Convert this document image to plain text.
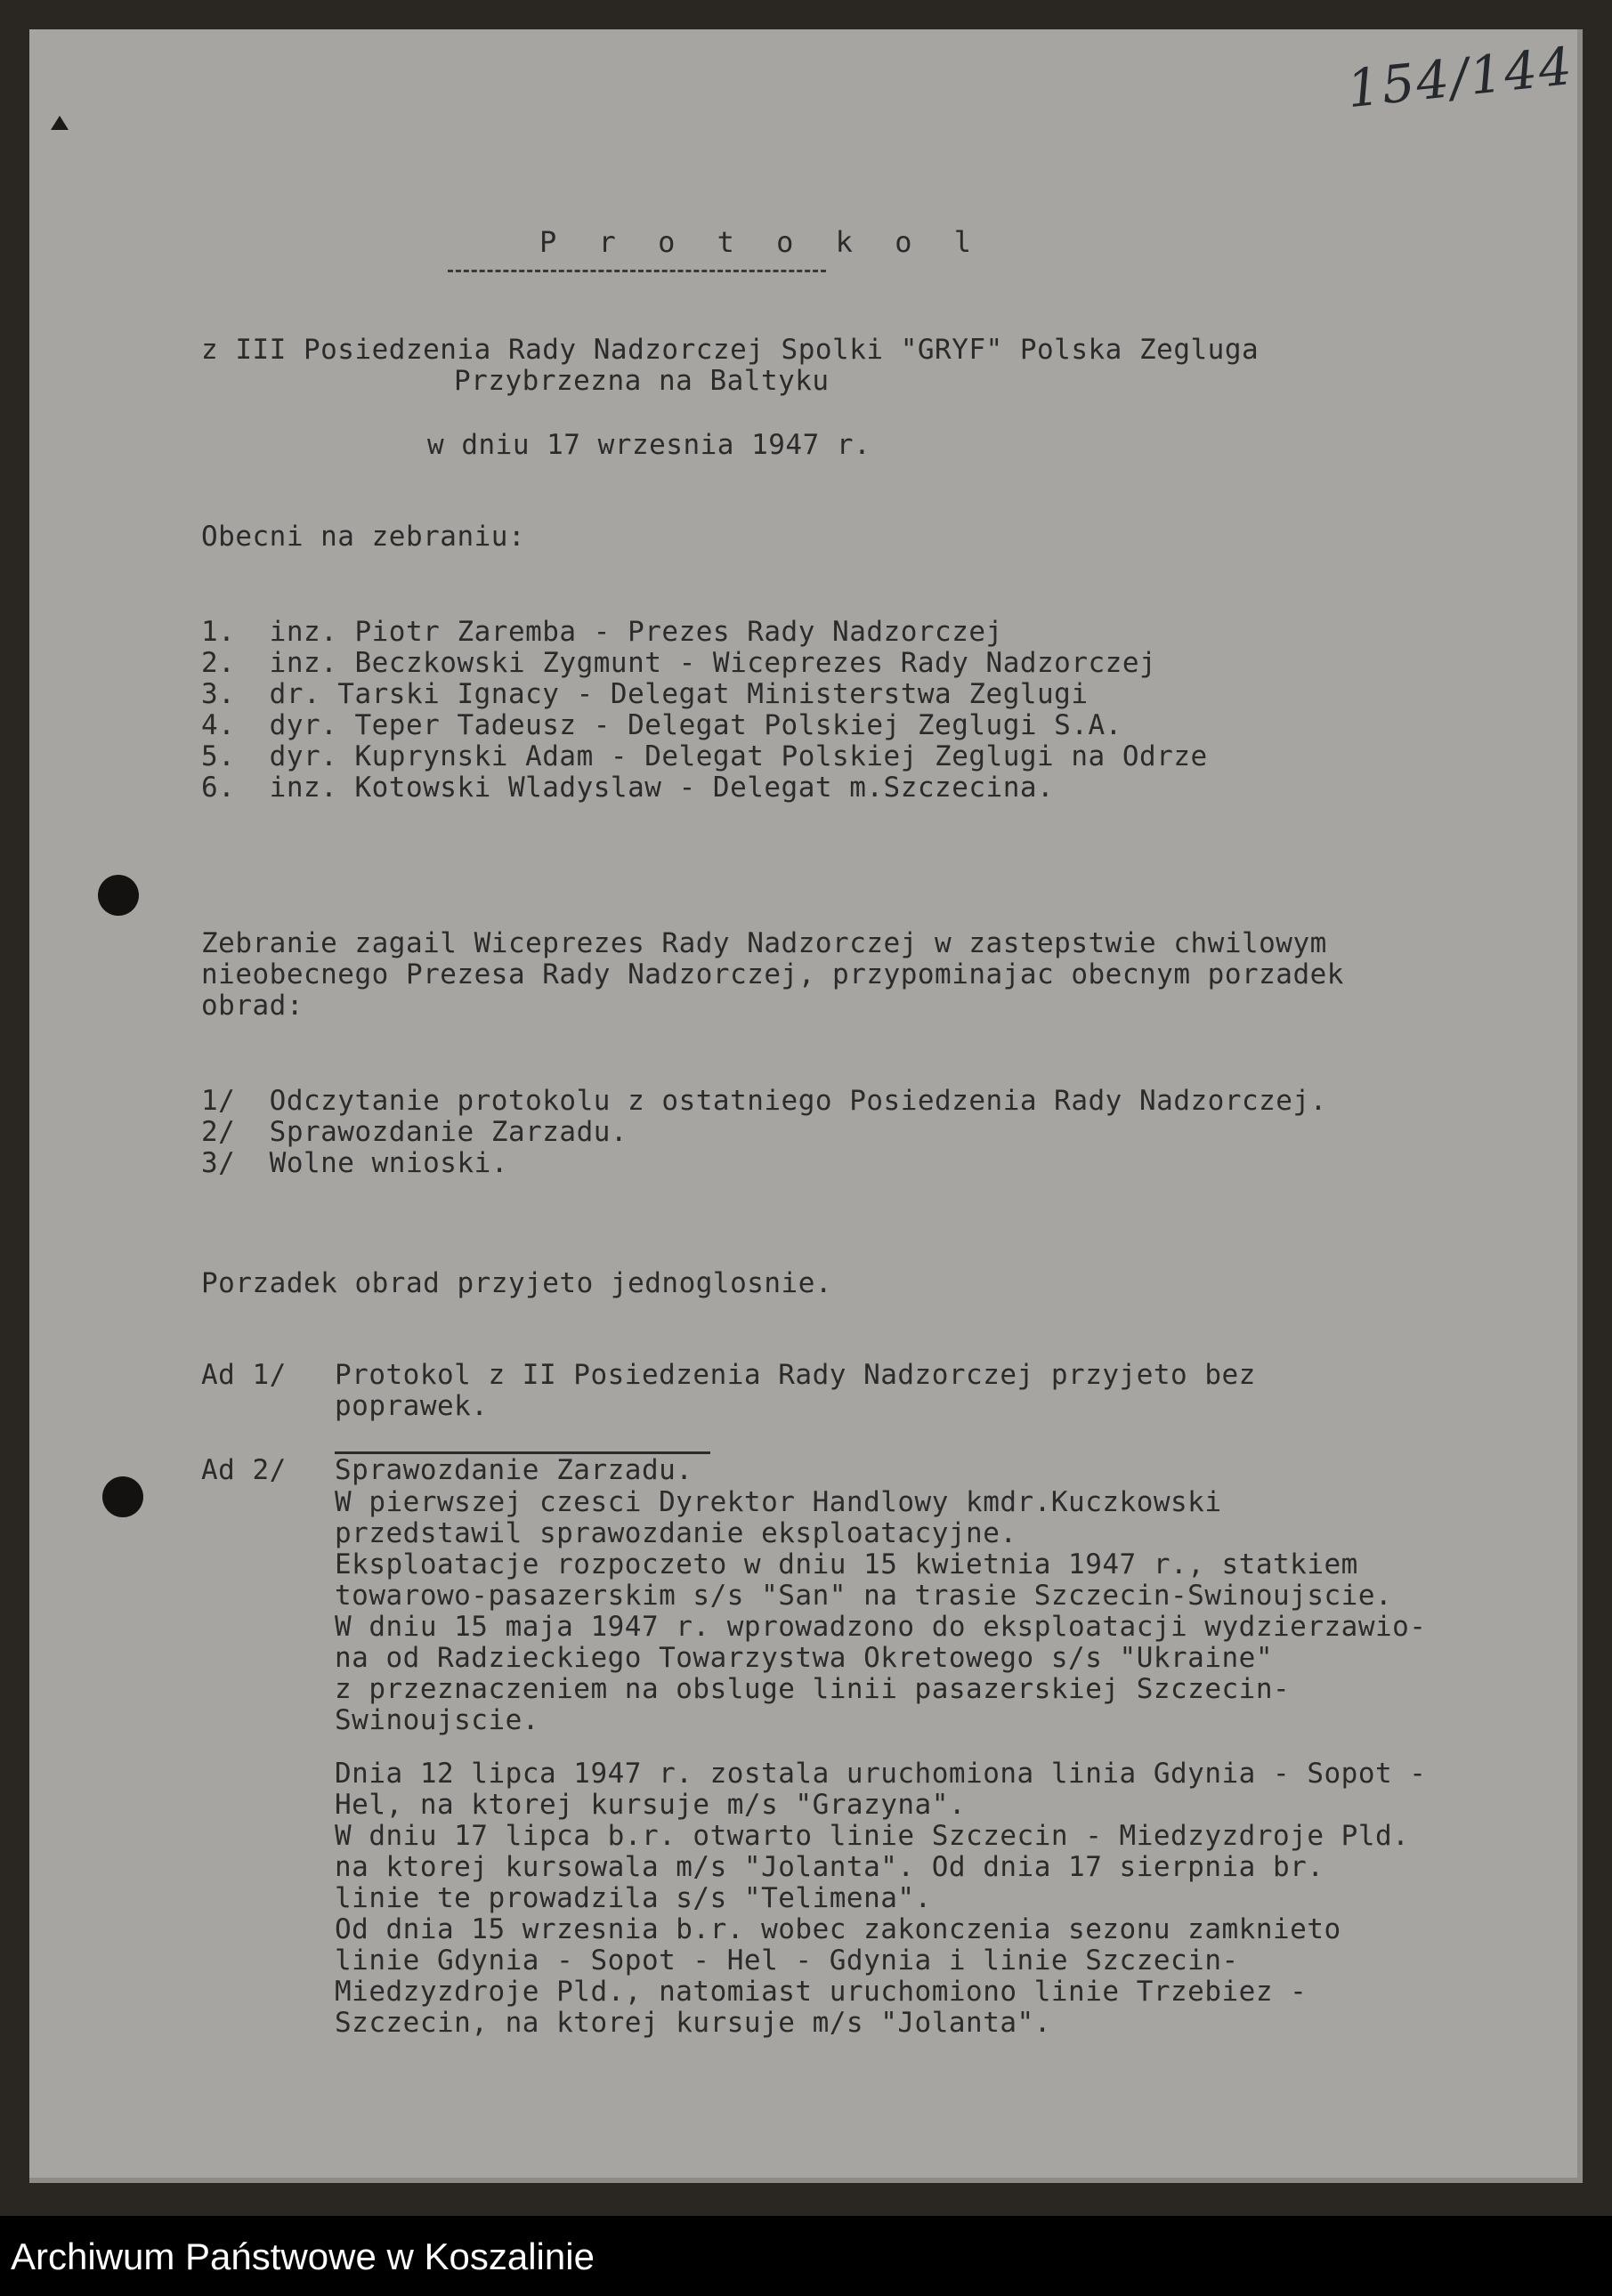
154/144
P r o t o k o l
z III Posiedzenia Rady Nadzorczej Spolki "GRYF" Polska Zegluga
Przybrzezna na Baltyku
w dniu 17 wrzesnia 1947 r.
Obecni na zebraniu:
1.  inz. Piotr Zaremba - Prezes Rady Nadzorczej
2.  inz. Beczkowski Zygmunt - Wiceprezes Rady Nadzorczej
3.  dr. Tarski Ignacy - Delegat Ministerstwa Zeglugi
4.  dyr. Teper Tadeusz - Delegat Polskiej Zeglugi S.A.
5.  dyr. Kuprynski Adam - Delegat Polskiej Zeglugi na Odrze
6.  inz. Kotowski Wladyslaw - Delegat m.Szczecina.
Zebranie zagail Wiceprezes Rady Nadzorczej w zastepstwie chwilowym
nieobecnego Prezesa Rady Nadzorczej, przypominajac obecnym porzadek
obrad:
1/  Odczytanie protokolu z ostatniego Posiedzenia Rady Nadzorczej.
2/  Sprawozdanie Zarzadu.
3/  Wolne wnioski.
Porzadek obrad przyjeto jednoglosnie.
Ad 1/ Protokol z II Posiedzenia Rady Nadzorczej przyjeto bez
poprawek.
Ad 2/ Sprawozdanie Zarzadu.
W pierwszej czesci Dyrektor Handlowy kmdr.Kuczkowski
przedstawil sprawozdanie eksploatacyjne.
Eksploatacje rozpoczeto w dniu 15 kwietnia 1947 r., statkiem
towarowo-pasazerskim s/s "San" na trasie Szczecin-Swinoujscie.
W dniu 15 maja 1947 r. wprowadzono do eksploatacji wydzierzawio-
na od Radzieckiego Towarzystwa Okretowego s/s "Ukraine"
z przeznaczeniem na obsluge linii pasazerskiej Szczecin-
Swinoujscie.
Dnia 12 lipca 1947 r. zostala uruchomiona linia Gdynia - Sopot -
Hel, na ktorej kursuje m/s "Grazyna".
W dniu 17 lipca b.r. otwarto linie Szczecin - Miedzyzdroje Pld.
na ktorej kursowala m/s "Jolanta". Od dnia 17 sierpnia br.
linie te prowadzila s/s "Telimena".
Od dnia 15 wrzesnia b.r. wobec zakonczenia sezonu zamknieto
linie Gdynia - Sopot - Hel - Gdynia i linie Szczecin-
Miedzyzdroje Pld., natomiast uruchomiono linie Trzebiez -
Szczecin, na ktorej kursuje m/s "Jolanta".
Archiwum Państwowe w Koszalinie
